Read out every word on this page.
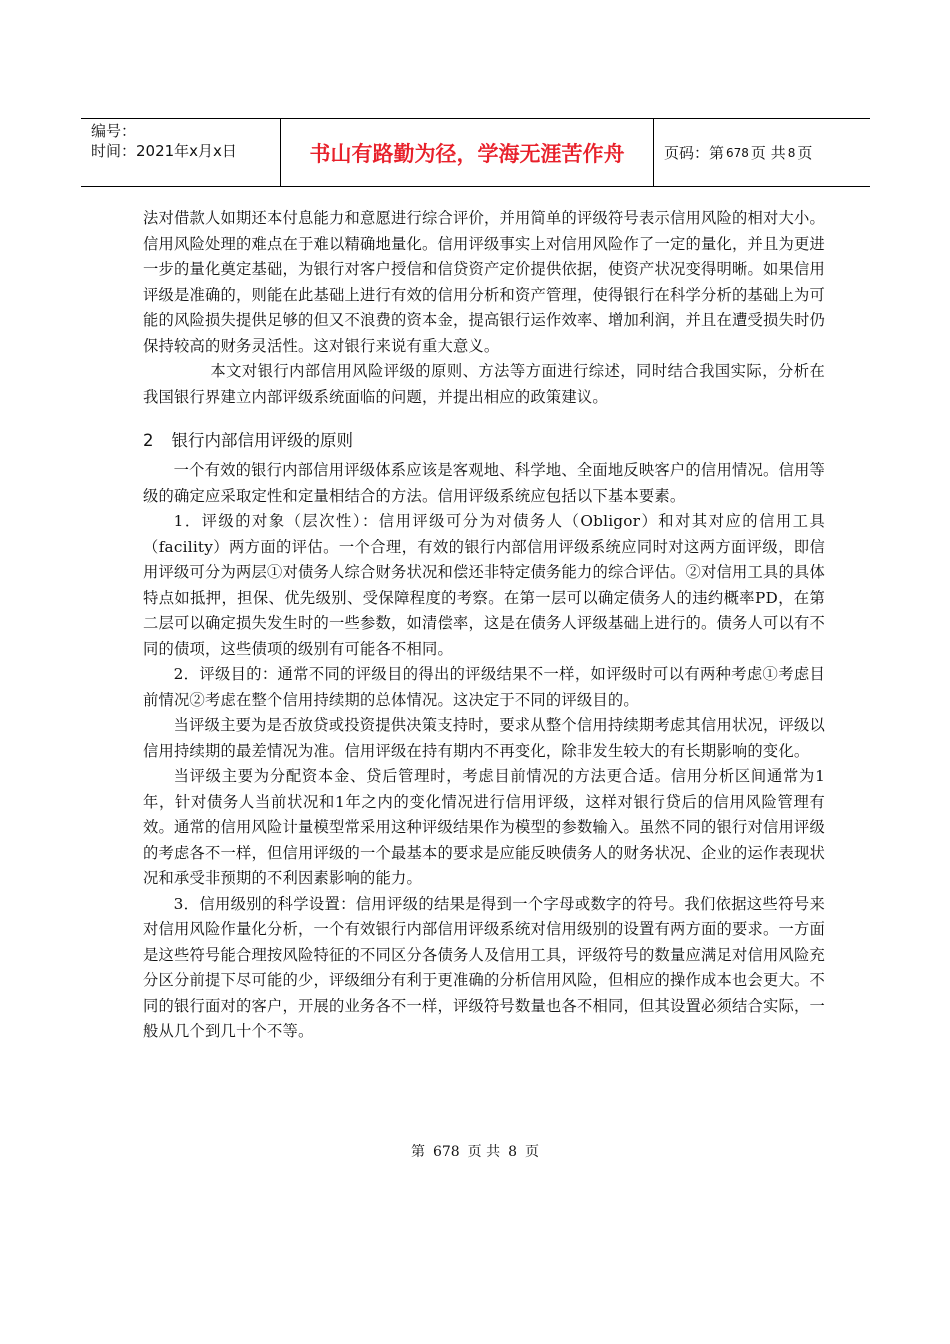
编号：
时间：2021年x月x日	书山有路勤为径，学海无涯苦作舟	页码：第 678 页 共 8 页

法对借款人如期还本付息能力和意愿进行综合评价，并用简单的评级符号表示信用风险的相对大小。信用风险处理的难点在于难以精确地量化。信用评级事实上对信用风险作了一定的量化，并且为更进一步的量化奠定基础，为银行对客户授信和信贷资产定价提供依据，使资产状况变得明晰。如果信用评级是准确的，则能在此基础上进行有效的信用分析和资产管理，使得银行在科学分析的基础上为可能的风险损失提供足够的但又不浪费的资本金，提高银行运作效率、增加利润，并且在遭受损失时仍保持较高的财务灵活性。这对银行来说有重大意义。

本文对银行内部信用风险评级的原则、方法等方面进行综述，同时结合我国实际，分析在我国银行界建立内部评级系统面临的问题，并提出相应的政策建议。

2 银行内部信用评级的原则

一个有效的银行内部信用评级体系应该是客观地、科学地、全面地反映客户的信用情况。信用等级的确定应采取定性和定量相结合的方法。信用评级系统应包括以下基本要素。

1．评级的对象（层次性）：信用评级可分为对债务人（Obligor）和对其对应的信用工具（facility）两方面的评估。一个合理，有效的银行内部信用评级系统应同时对这两方面评级，即信用评级可分为两层①对债务人综合财务状况和偿还非特定债务能力的综合评估。②对信用工具的具体特点如抵押，担保、优先级别、受保障程度的考察。在第一层可以确定债务人的违约概率PD，在第二层可以确定损失发生时的一些参数，如清偿率，这是在债务人评级基础上进行的。债务人可以有不同的债项，这些债项的级别有可能各不相同。

2．评级目的：通常不同的评级目的得出的评级结果不一样，如评级时可以有两种考虑①考虑目前情况②考虑在整个信用持续期的总体情况。这决定于不同的评级目的。

当评级主要为是否放贷或投资提供决策支持时，要求从整个信用持续期考虑其信用状况，评级以信用持续期的最差情况为准。信用评级在持有期内不再变化，除非发生较大的有长期影响的变化。

当评级主要为分配资本金、贷后管理时，考虑目前情况的方法更合适。信用分析区间通常为1年，针对债务人当前状况和1年之内的变化情况进行信用评级，这样对银行贷后的信用风险管理有效。通常的信用风险计量模型常采用这种评级结果作为模型的参数输入。虽然不同的银行对信用评级的考虑各不一样，但信用评级的一个最基本的要求是应能反映债务人的财务状况、企业的运作表现状况和承受非预期的不利因素影响的能力。

3．信用级别的科学设置：信用评级的结果是得到一个字母或数字的符号。我们依据这些符号来对信用风险作量化分析，一个有效银行内部信用评级系统对信用级别的设置有两方面的要求。一方面是这些符号能合理按风险特征的不同区分各债务人及信用工具，评级符号的数量应满足对信用风险充分区分前提下尽可能的少，评级细分有利于更准确的分析信用风险，但相应的操作成本也会更大。不同的银行面对的客户，开展的业务各不一样，评级符号数量也各不相同，但其设置必须结合实际，一般从几个到几十个不等。

第 678 页 共 8 页
